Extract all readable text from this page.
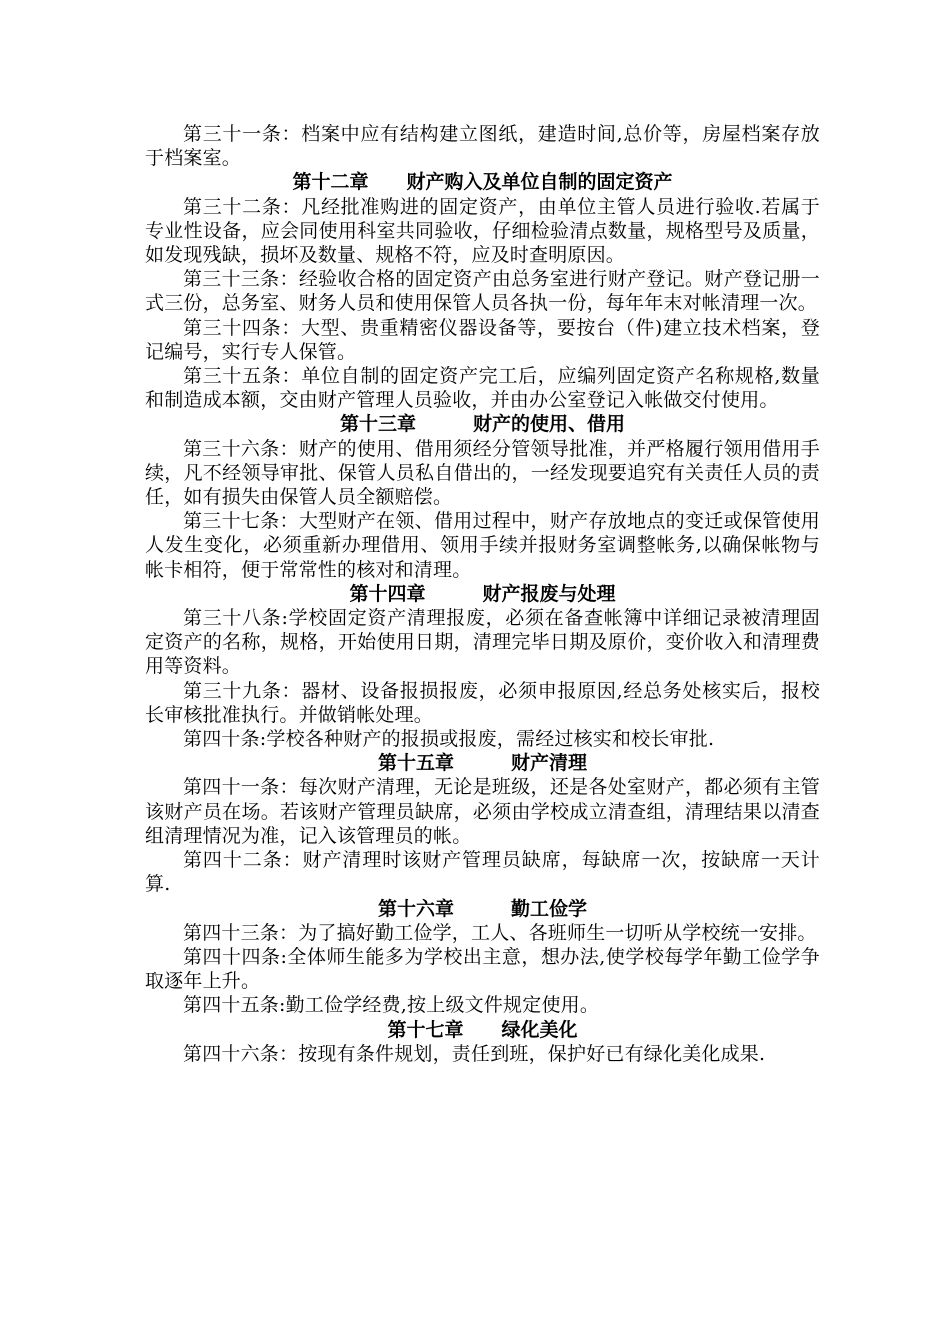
第三十一条：档案中应有结构建立图纸，建造时间,总价等，房屋档案存放于档案室。

第十二章　　财产购入及单位自制的固定资产

第三十二条：凡经批准购进的固定资产，由单位主管人员进行验收.若属于专业性设备，应会同使用科室共同验收，仔细检验清点数量，规格型号及质量，如发现残缺，损坏及数量、规格不符，应及时查明原因。

第三十三条：经验收合格的固定资产由总务室进行财产登记。财产登记册一式三份，总务室、财务人员和使用保管人员各执一份，每年年末对帐清理一次。

第三十四条：大型、贵重精密仪器设备等，要按台（件)建立技术档案，登记编号，实行专人保管。

第三十五条：单位自制的固定资产完工后，应编列固定资产名称规格,数量和制造成本额，交由财产管理人员验收，并由办公室登记入帐做交付使用。

第十三章　　　财产的使用、借用

第三十六条：财产的使用、借用须经分管领导批准，并严格履行领用借用手续，凡不经领导审批、保管人员私自借出的，一经发现要追究有关责任人员的责任，如有损失由保管人员全额赔偿。

第三十七条：大型财产在领、借用过程中，财产存放地点的变迁或保管使用人发生变化，必须重新办理借用、领用手续并报财务室调整帐务,以确保帐物与帐卡相符，便于常常性的核对和清理。

第十四章　　　财产报废与处理

第三十八条:学校固定资产清理报废，必须在备查帐簿中详细记录被清理固定资产的名称，规格，开始使用日期，清理完毕日期及原价，变价收入和清理费用等资料。

第三十九条：器材、设备报损报废，必须申报原因,经总务处核实后，报校长审核批准执行。并做销帐处理。

第四十条:学校各种财产的报损或报废，需经过核实和校长审批.

第十五章　　　财产清理

第四十一条：每次财产清理，无论是班级，还是各处室财产，都必须有主管该财产员在场。若该财产管理员缺席，必须由学校成立清查组，清理结果以清查组清理情况为准，记入该管理员的帐。

第四十二条：财产清理时该财产管理员缺席，每缺席一次，按缺席一天计算.

第十六章　　　勤工俭学

第四十三条：为了搞好勤工俭学，工人、各班师生一切听从学校统一安排。

第四十四条:全体师生能多为学校出主意，想办法,使学校每学年勤工俭学争取逐年上升。

第四十五条:勤工俭学经费,按上级文件规定使用。

第十七章　　绿化美化

第四十六条：按现有条件规划，责任到班，保护好已有绿化美化成果.
